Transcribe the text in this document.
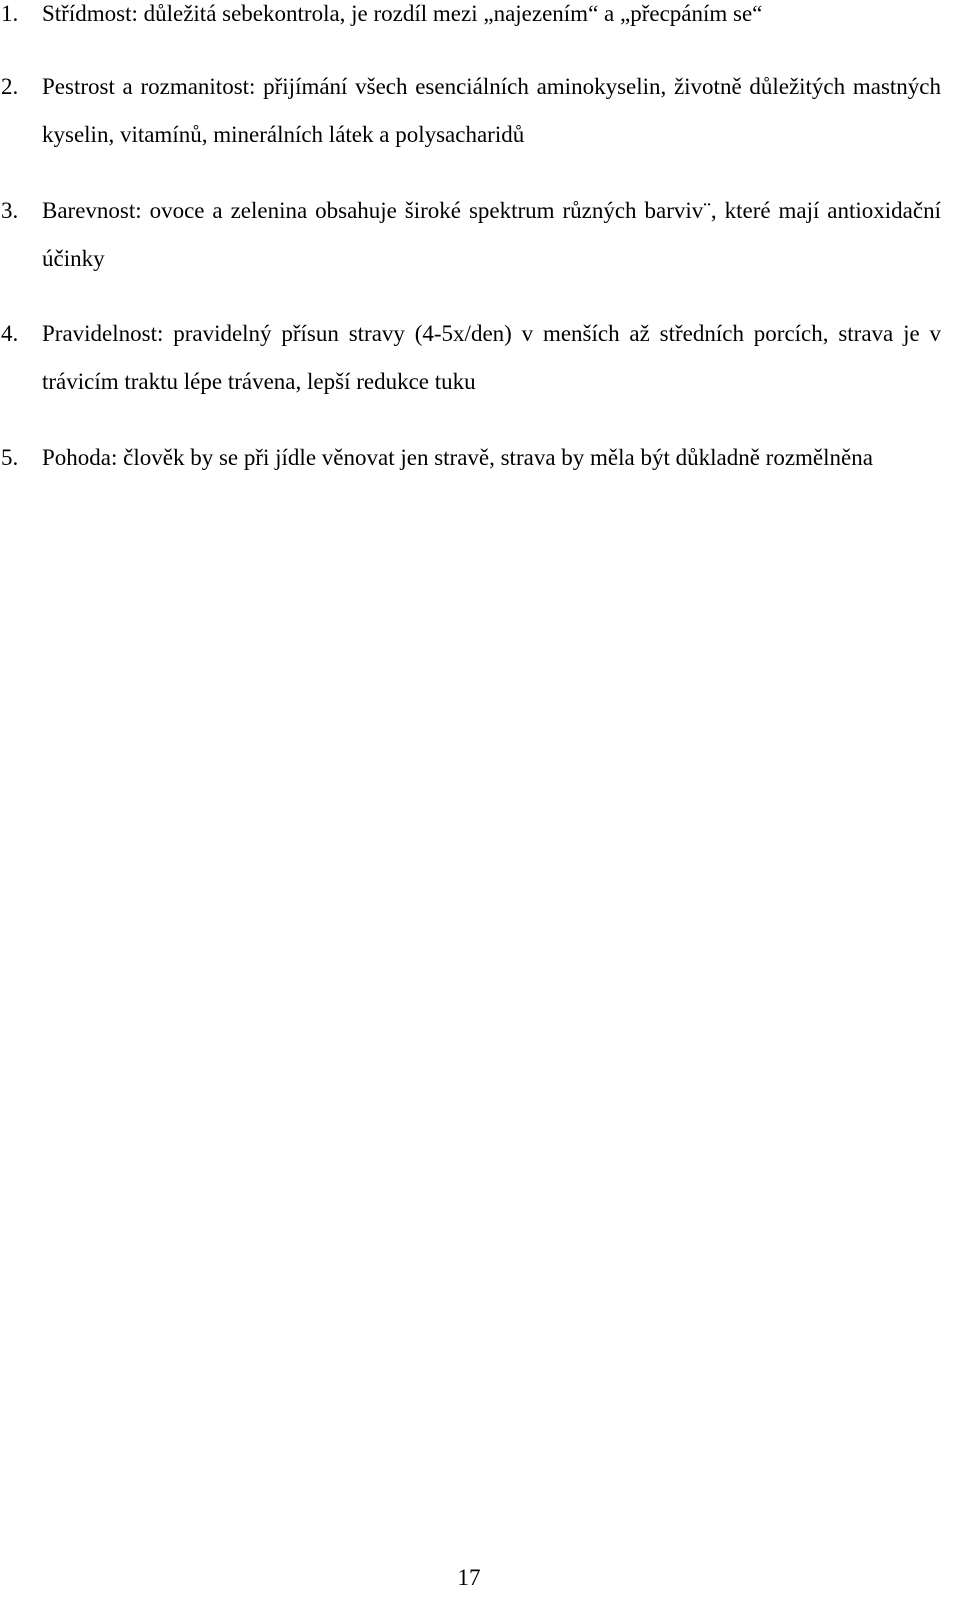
1. Střídmost: důležitá sebekontrola, je rozdíl mezi „najezením“ a „přecpáním se“
2. Pestrost a rozmanitost: přijímání všech esenciálních aminokyselin, životně důležitých mastných kyselin, vitamínů, minerálních látek a polysacharidů
3. Barevnost: ovoce a zelenina obsahuje široké spektrum různých barviv¨, které mají antioxidační účinky
4. Pravidelnost: pravidelný přísun stravy (4-5x/den) v menších až středních porcích, strava je v trávicím traktu lépe trávena, lepší redukce tuku
5. Pohoda: člověk by se při jídle věnovat jen stravě, strava by měla být důkladně rozmělněna
17
